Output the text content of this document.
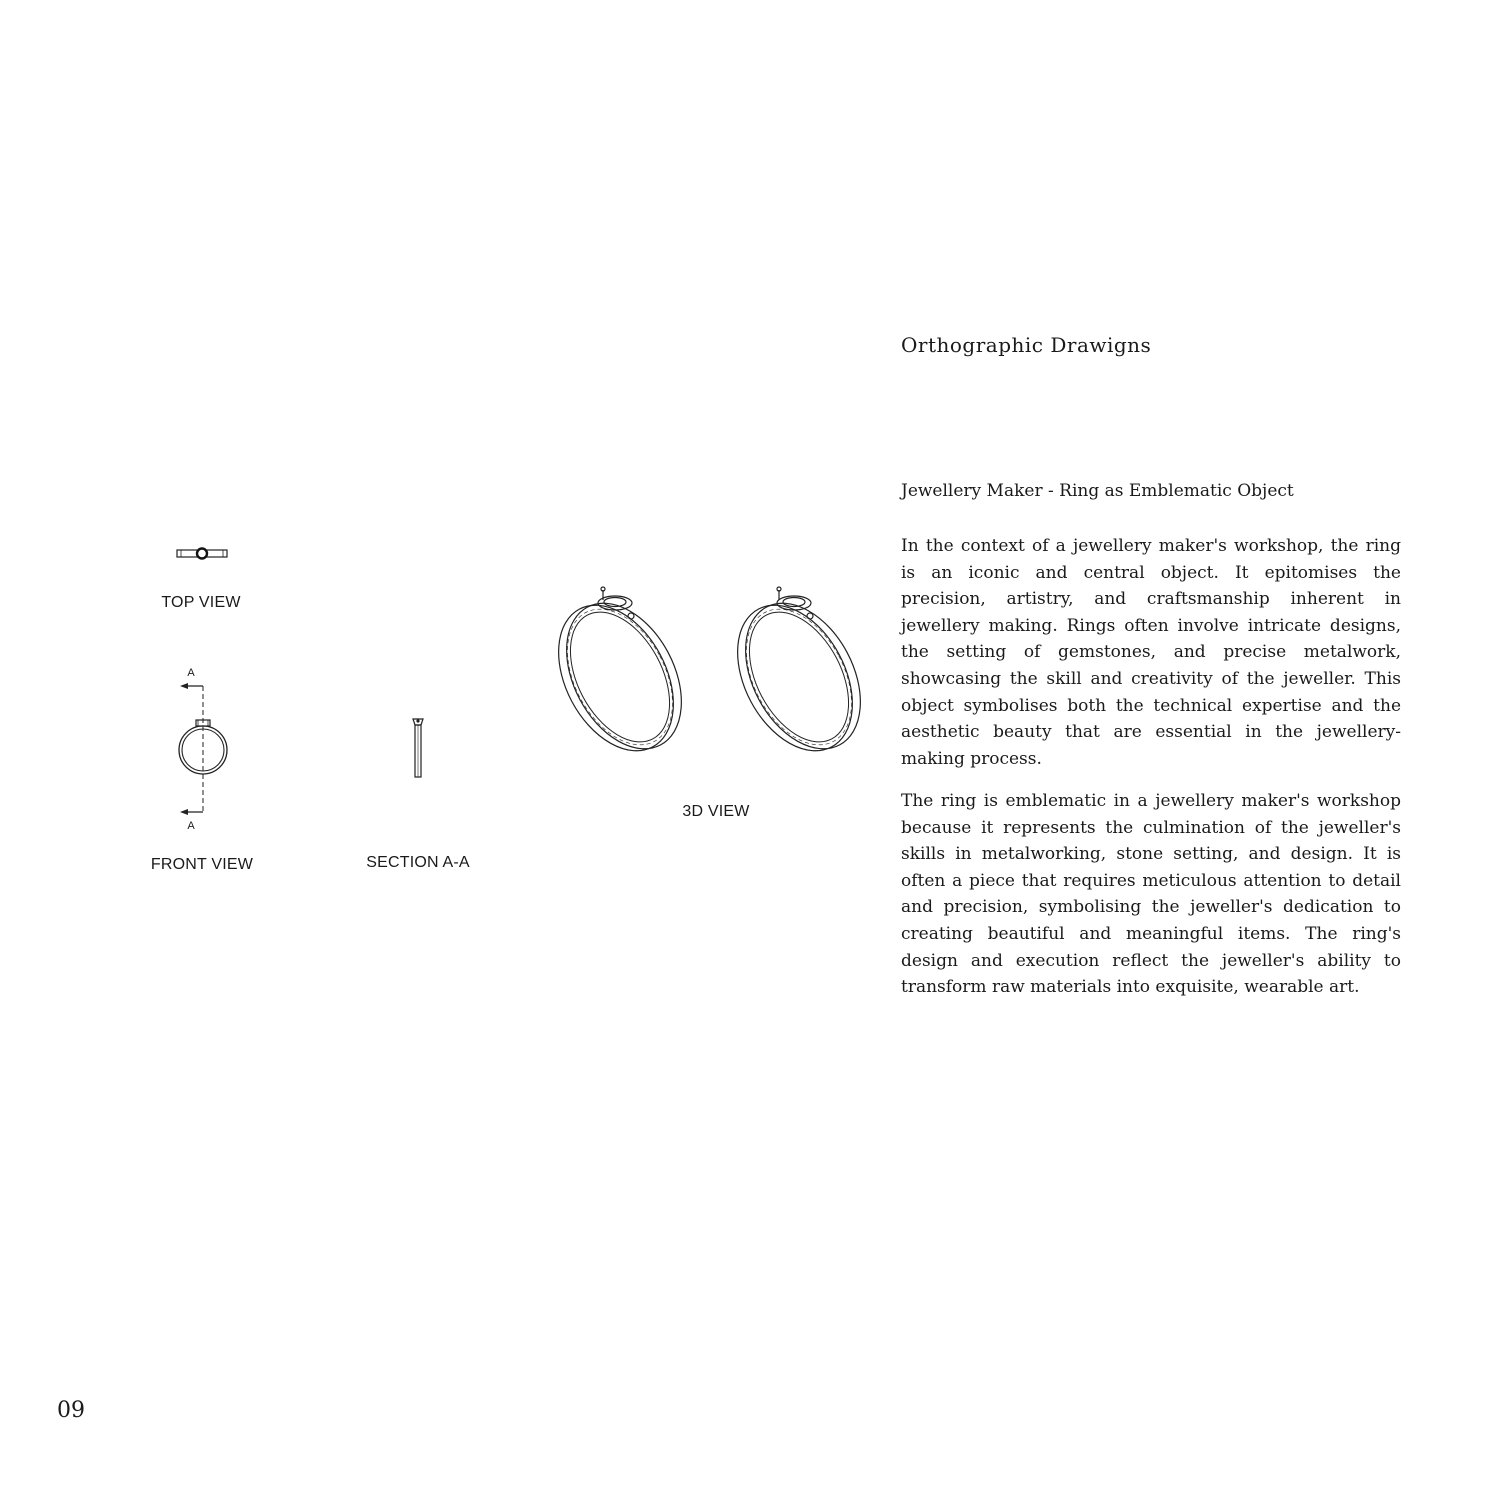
Orthographic Drawigns
Jewellery Maker - Ring as Emblematic Object

In the context of a jewellery maker's workshop, the ring is an iconic and central object. It epitomises the precision, artistry, and craftsmanship inherent in jewellery making. Rings often involve intricate designs, the setting of gemstones, and precise metalwork, showcasing the skill and creativity of the jeweller. This object symbolises both the technical expertise and the aesthetic beauty that are essential in the jewellery-making process.

The ring is emblematic in a jewellery maker's workshop because it represents the culmination of the jeweller's skills in metalworking, stone setting, and design. It is often a piece that requires meticulous attention to detail and precision, symbolising the jeweller's dedication to creating beautiful and meaningful items. The ring's design and execution reflect the jeweller's ability to transform raw materials into exquisite, wearable art.

09
TOP VIEW
A
A
FRONT VIEW	SECTION A-A
3D VIEW
